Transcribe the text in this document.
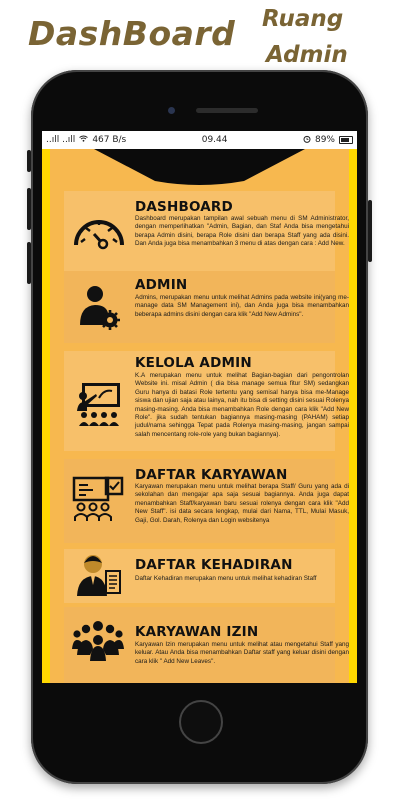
DashBoard Ruang
Admin
..ıll ..ıll 467 B/s	09.44	89%
DASHBOARD
Dashboard merupakan tampilan awal sebuah menu di SM Administrator, dengan memperlihatkan "Admin, Bagian, dan Staf Anda bisa mengetahui berapa Admin disini, berapa Role disini dan berapa Staff yang ada disini. Dan Anda juga bisa menambahkan 3 menu di atas dengan cara : Add New.
ADMIN
Admins, merupakan menu untuk melihat Admins pada website ini(yang me-manage data SM Management ini), dan Anda juga bisa menambahkan beberapa admins disini dengan cara klik "Add New Admins".
KELOLA ADMIN
K.A merupakan menu untuk melihat Bagian-bagian dari pengontrolan Website ini. misal Admin ( dia bisa manage semua fitur SM) sedangkan Guru hanya di batasi Role tertentu yang semisal hanya bisa me-Manage siswa dan ujian saja atau lainya, nah itu bisa di setting disini sesuai Rolenya masing-masing. Anda bisa menambahkan Role dengan cara klik "Add New Role". jika sudah tentukan bagiannya masing-masing (PAHAM) setiap judul/nama sehingga Tepat pada Rolenya masing-masing, jangan sampai salah mencentang role-role yang bukan bagiannya).
DAFTAR KARYAWAN
Karyawan merupakan menu untuk melihat berapa Staff/ Guru yang ada di sekolahan dan mengajar apa saja sesuai bagiannya. Anda juga dapat menambahkan Staff/karyawan baru sesuai rolenya dengan cara klik "Add New Staff". isi data secara lengkap, mulai dari Nama, TTL, Mulai Masuk, Gaji, Gol. Darah, Rolenya dan Login websitenya
DAFTAR KEHADIRAN
Daftar Kehadiran merupakan menu untuk melihat kehadiran Staff
KARYAWAN IZIN
Karyawan Izin merupakan menu untuk melihat atau mengetahui Staff yang keluar. Atau Anda bisa menambahkan Daftar staff yang keluar disini dengan cara klik " Add New Leaves".
